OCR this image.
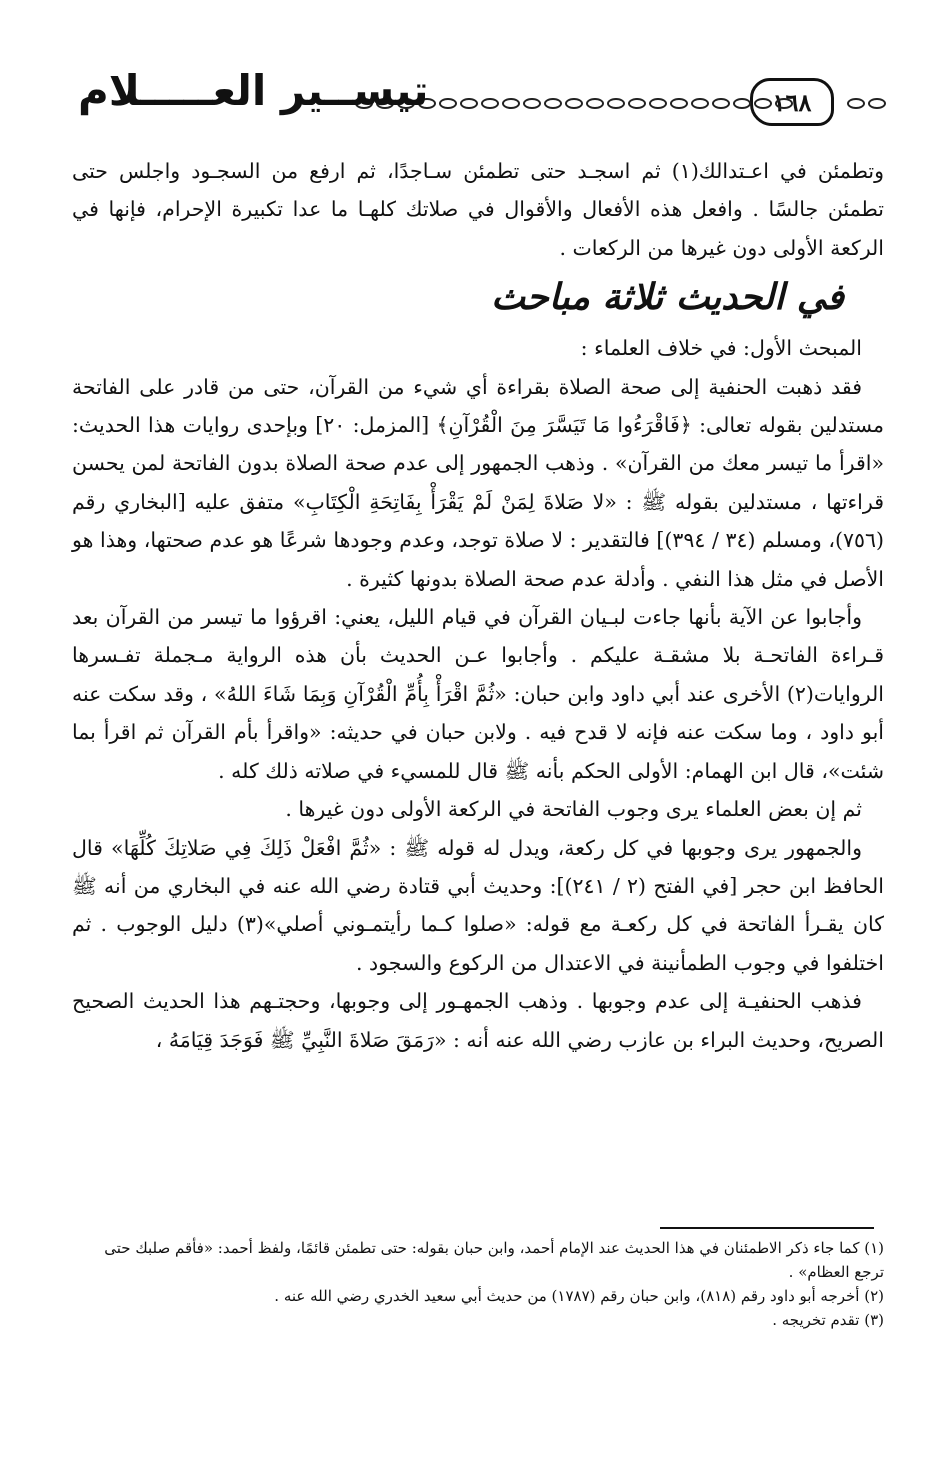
١٦٨
تيســير العـــــلام

وتطمئن في اعـتدالك(١) ثم اسجـد حتى تطمئن سـاجدًا، ثم ارفع من السجـود واجلس حتى تطمئن جالسًا . وافعل هذه الأفعال والأقوال في صلاتك كلهـا ما عدا تكبيرة الإحرام، فإنها في الركعة الأولى دون غيرها من الركعات .

في الحديث ثلاثة مباحث

المبحث الأول: في خلاف العلماء :

فقد ذهبت الحنفية إلى صحة الصلاة بقراءة أي شيء من القرآن، حتى من قادر على الفاتحة مستدلين بقوله تعالى: ﴿فَاقْرَءُوا مَا تَيَسَّرَ مِنَ الْقُرْآنِ﴾ [المزمل: ٢٠] وبإحدى روايات هذا الحديث: «اقرأ ما تيسر معك من القرآن» . وذهب الجمهور إلى عدم صحة الصلاة بدون الفاتحة لمن يحسن قراءتها ، مستدلين بقوله ﷺ : «لا صَلاةَ لِمَنْ لَمْ يَقْرَأْ بِفَاتِحَةِ الْكِتَابِ» متفق عليه [البخاري رقم (٧٥٦)، ومسلم (٣٤ / ٣٩٤)] فالتقدير : لا صلاة توجد، وعدم وجودها شرعًا هو عدم صحتها، وهذا هو الأصل في مثل هذا النفي . وأدلة عدم صحة الصلاة بدونها كثيرة .

وأجابوا عن الآية بأنها جاءت لبـيان القرآن في قيام الليل، يعني: اقرؤوا ما تيسر من القرآن بعد قـراءة الفاتحـة بلا مشقـة عليكم . وأجابوا عـن الحديث بأن هذه الرواية مـجملة تفـسرها الروايات(٢) الأخرى عند أبي داود وابن حبان: «ثُمَّ اقْرَأْ بِأُمِّ الْقُرْآنِ وَبِمَا شَاءَ اللهُ» ، وقد سكت عنه أبو داود ، وما سكت عنه فإنه لا قدح فيه . ولابن حبان في حديثه: «واقرأ بأم القرآن ثم اقرأ بما شئت»، قال ابن الهمام: الأولى الحكم بأنه ﷺ قال للمسيء في صلاته ذلك كله .

ثم إن بعض العلماء يرى وجوب الفاتحة في الركعة الأولى دون غيرها .

والجمهور يرى وجوبها في كل ركعة، ويدل له قوله ﷺ : «ثُمَّ افْعَلْ ذَلِكَ فِي صَلاتِكَ كُلِّهَا» قال الحافظ ابن حجر [في الفتح (٢ / ٢٤١)]: وحديث أبي قتادة رضي الله عنه في البخاري من أنه ﷺ كان يقـرأ الفاتحة في كل ركعـة مع قوله: «صلوا كـما رأيتمـوني أصلي»(٣) دليل الوجوب . ثم اختلفوا في وجوب الطمأنينة في الاعتدال من الركوع والسجود .

فذهب الحنفيـة إلى عدم وجوبها . وذهب الجمهـور إلى وجوبها، وحجتـهم هذا الحديث الصحيح الصريح، وحديث البراء بن عازب رضي الله عنه أنه : «رَمَقَ صَلاةَ النَّبِيِّ ﷺ فَوَجَدَ قِيَامَهُ ،

(١) كما جاء ذكر الاطمئنان في هذا الحديث عند الإمام أحمد، وابن حبان بقوله: حتى تطمئن قائمًا، ولفظ أحمد: «فأقم صلبك حتى ترجع العظام» .

(٢) أخرجه أبو داود رقم (٨١٨)، وابن حبان رقم (١٧٨٧) من حديث أبي سعيد الخدري رضي الله عنه .

(٣) تقدم تخريجه .
